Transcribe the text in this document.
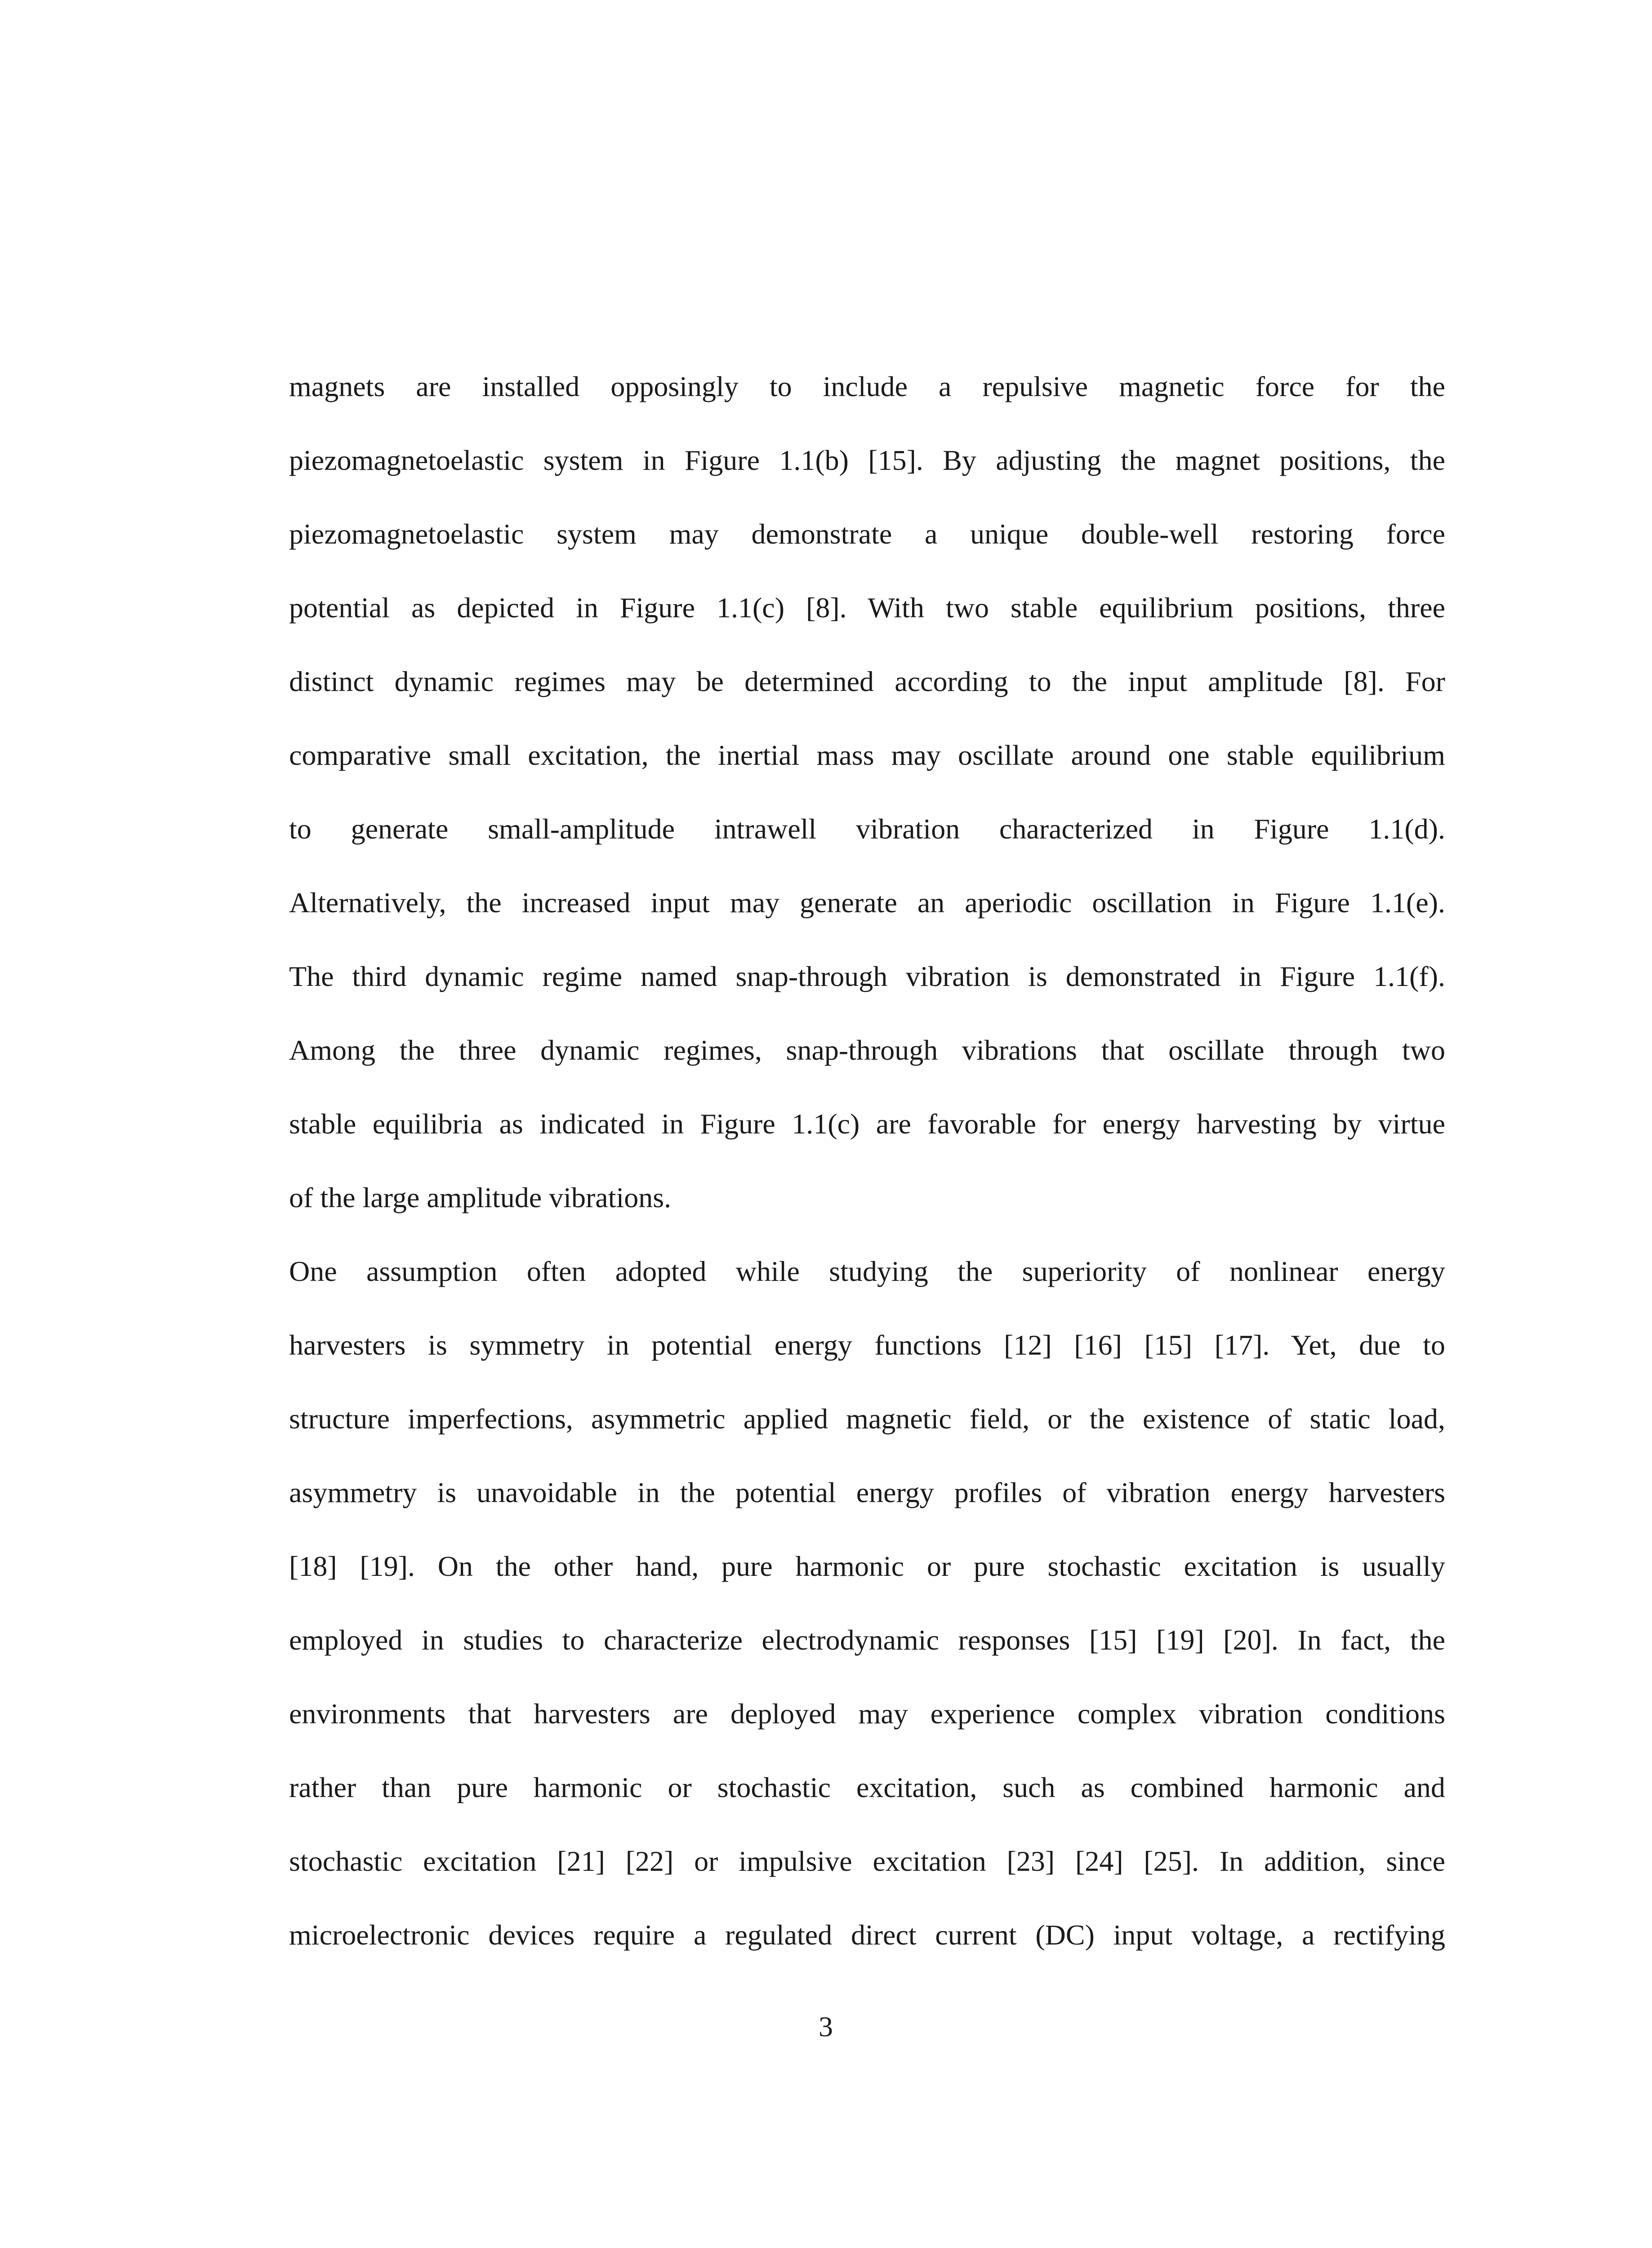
magnets are installed opposingly to include a repulsive magnetic force for the
piezomagnetoelastic system in Figure 1.1(b) [15]. By adjusting the magnet positions, the
piezomagnetoelastic system may demonstrate a unique double-well restoring force
potential as depicted in Figure 1.1(c) [8]. With two stable equilibrium positions, three
distinct dynamic regimes may be determined according to the input amplitude [8]. For
comparative small excitation, the inertial mass may oscillate around one stable equilibrium
to generate small-amplitude intrawell vibration characterized in Figure 1.1(d).
Alternatively, the increased input may generate an aperiodic oscillation in Figure 1.1(e).
The third dynamic regime named snap-through vibration is demonstrated in Figure 1.1(f).
Among the three dynamic regimes, snap-through vibrations that oscillate through two
stable equilibria as indicated in Figure 1.1(c) are favorable for energy harvesting by virtue
of the large amplitude vibrations.
One assumption often adopted while studying the superiority of nonlinear energy
harvesters is symmetry in potential energy functions [12] [16] [15] [17]. Yet, due to
structure imperfections, asymmetric applied magnetic field, or the existence of static load,
asymmetry is unavoidable in the potential energy profiles of vibration energy harvesters
[18] [19]. On the other hand, pure harmonic or pure stochastic excitation is usually
employed in studies to characterize electrodynamic responses [15] [19] [20]. In fact, the
environments that harvesters are deployed may experience complex vibration conditions
rather than pure harmonic or stochastic excitation, such as combined harmonic and
stochastic excitation [21] [22] or impulsive excitation [23] [24] [25]. In addition, since
microelectronic devices require a regulated direct current (DC) input voltage, a rectifying
3
